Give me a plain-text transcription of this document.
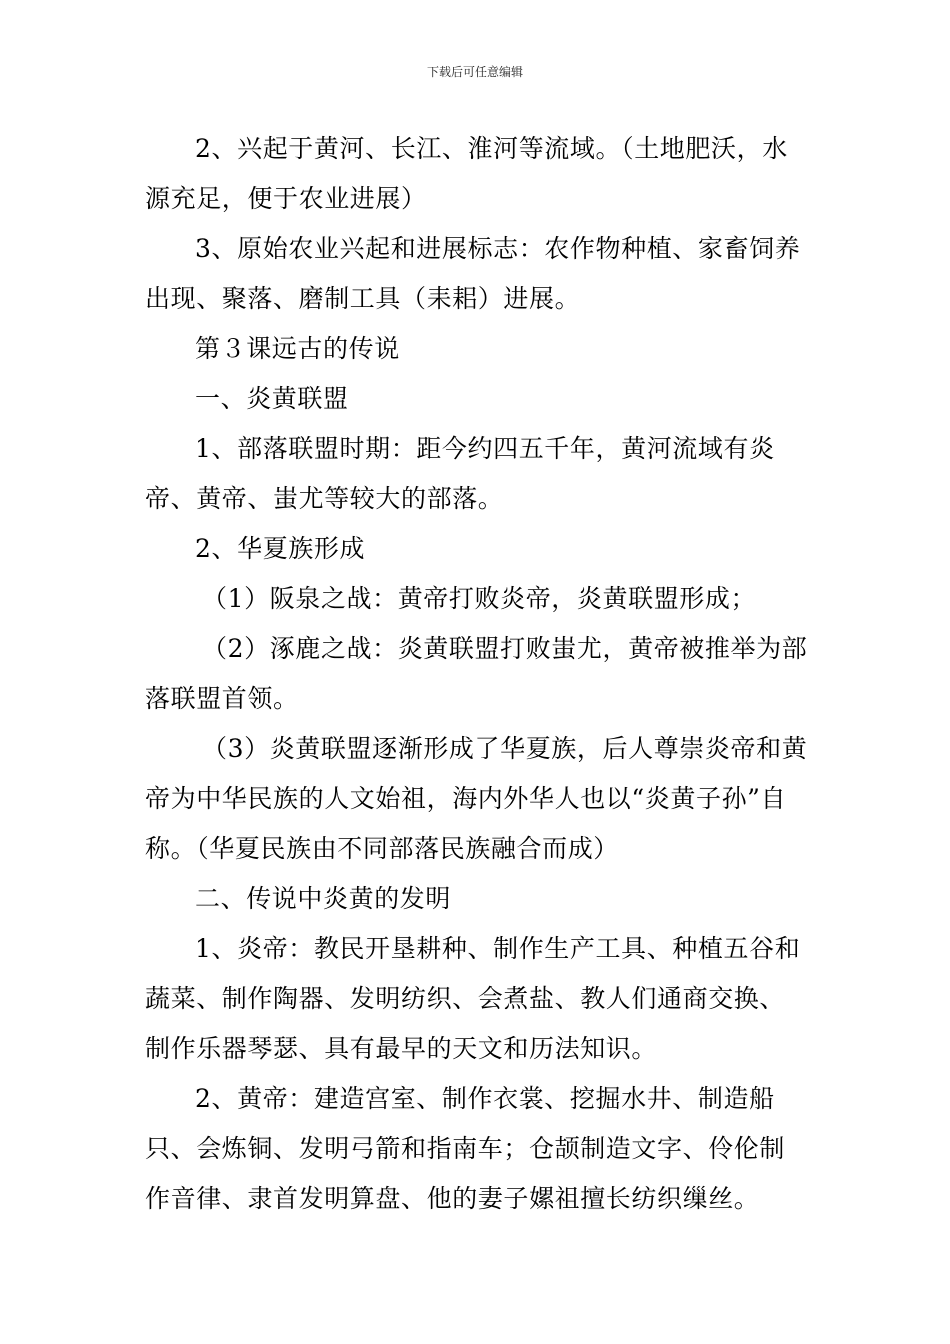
下载后可任意编辑

2、兴起于黄河、长江、淮河等流域。（土地肥沃，水源充足，便于农业进展）

3、原始农业兴起和进展标志：农作物种植、家畜饲养出现、聚落、磨制工具（耒耜）进展。

第３课远古的传说

一、炎黄联盟

1、部落联盟时期：距今约四五千年，黄河流域有炎帝、黄帝、蚩尤等较大的部落。

2、华夏族形成

（1）阪泉之战：黄帝打败炎帝，炎黄联盟形成；

（2）涿鹿之战：炎黄联盟打败蚩尤，黄帝被推举为部落联盟首领。

（3）炎黄联盟逐渐形成了华夏族，后人尊崇炎帝和黄帝为中华民族的人文始祖，海内外华人也以“炎黄子孙”自称。（华夏民族由不同部落民族融合而成）

二、传说中炎黄的发明

1、炎帝：教民开垦耕种、制作生产工具、种植五谷和蔬菜、制作陶器、发明纺织、会煮盐、教人们通商交换、制作乐器琴瑟、具有最早的天文和历法知识。

2、黄帝：建造宫室、制作衣裳、挖掘水井、制造船只、会炼铜、发明弓箭和指南车；仓颉制造文字、伶伦制作音律、隶首发明算盘、他的妻子嫘祖擅长纺织缫丝。
